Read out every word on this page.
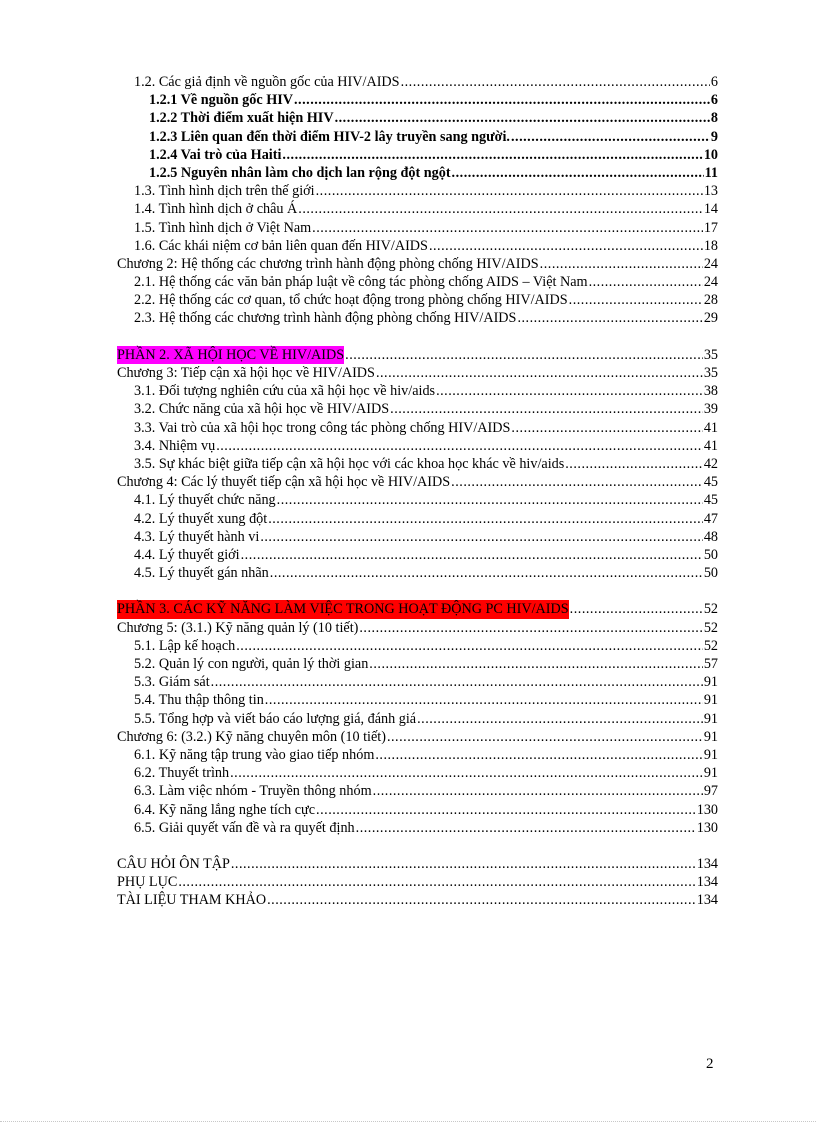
1.2. Các giả định về nguồn gốc của HIV/AIDS .....	6
1.2.1 Về nguồn gốc HIV .....	6
1.2.2 Thời điểm xuất hiện HIV .....	8
1.2.3 Liên quan đến thời điểm HIV-2 lây truyền sang người. .....	9
1.2.4 Vai trò của Haiti .....	10
1.2.5 Nguyên nhân làm cho dịch lan rộng đột ngột .....	11
1.3. Tình hình dịch trên thế giới .....	13
1.4. Tình hình dịch ở châu Á .....	14
1.5. Tình hình dịch ở Việt Nam .....	17
1.6. Các khái niệm cơ bản liên quan đến HIV/AIDS .....	18
Chương 2: Hệ thống các chương trình hành động phòng chống HIV/AIDS .....	24
2.1. Hệ thống các văn bản pháp luật về công tác phòng chống AIDS – Việt Nam .....	24
2.2. Hệ thống các cơ quan, tổ chức hoạt động trong phòng chống HIV/AIDS .....	28
2.3. Hệ thống các chương trình hành động phòng chống HIV/AIDS .....	29
PHẦN 2. XÃ HỘI HỌC VỀ HIV/AIDS .....	35
Chương 3: Tiếp cận xã hội học về HIV/AIDS .....	35
3.1. Đối tượng nghiên cứu của xã hội học về hiv/aids .....	38
3.2. Chức năng của xã hội học về HIV/AIDS .....	39
3.3. Vai trò của xã hội học trong công tác phòng chống HIV/AIDS .....	41
3.4. Nhiệm vụ .....	41
3.5. Sự khác biệt giữa tiếp cận xã hội học với các khoa học khác về hiv/aids .....	42
Chương 4: Các lý thuyết tiếp cận xã hội học về HIV/AIDS .....	45
4.1. Lý thuyết chức năng .....	45
4.2. Lý thuyết xung đột .....	47
4.3. Lý thuyết hành vi .....	48
4.4. Lý thuyết giới .....	50
4.5. Lý thuyết gán nhãn .....	50
PHẦN 3. CÁC KỸ NĂNG LÀM VIỆC TRONG HOẠT ĐỘNG PC HIV/AIDS .....	52
Chương 5: (3.1.) Kỹ năng quản lý (10 tiết) .....	52
5.1. Lập kế hoạch .....	52
5.2. Quản lý con người, quản lý thời gian .....	57
5.3. Giám sát .....	91
5.4. Thu thập thông tin .....	91
5.5. Tổng hợp và viết báo cáo lượng giá, đánh giá .....	91
Chương 6: (3.2.) Kỹ năng chuyên môn (10 tiết) .....	91
6.1. Kỹ năng tập trung vào giao tiếp nhóm .....	91
6.2. Thuyết trình .....	91
6.3. Làm việc nhóm - Truyền thông nhóm .....	97
6.4. Kỹ năng lắng nghe tích cực .....	130
6.5. Giải quyết vấn đề và ra quyết định .....	130
CÂU HỎI ÔN TẬP .....	134
PHỤ LỤC .....	134
TÀI LIỆU THAM KHẢO .....	134
2
